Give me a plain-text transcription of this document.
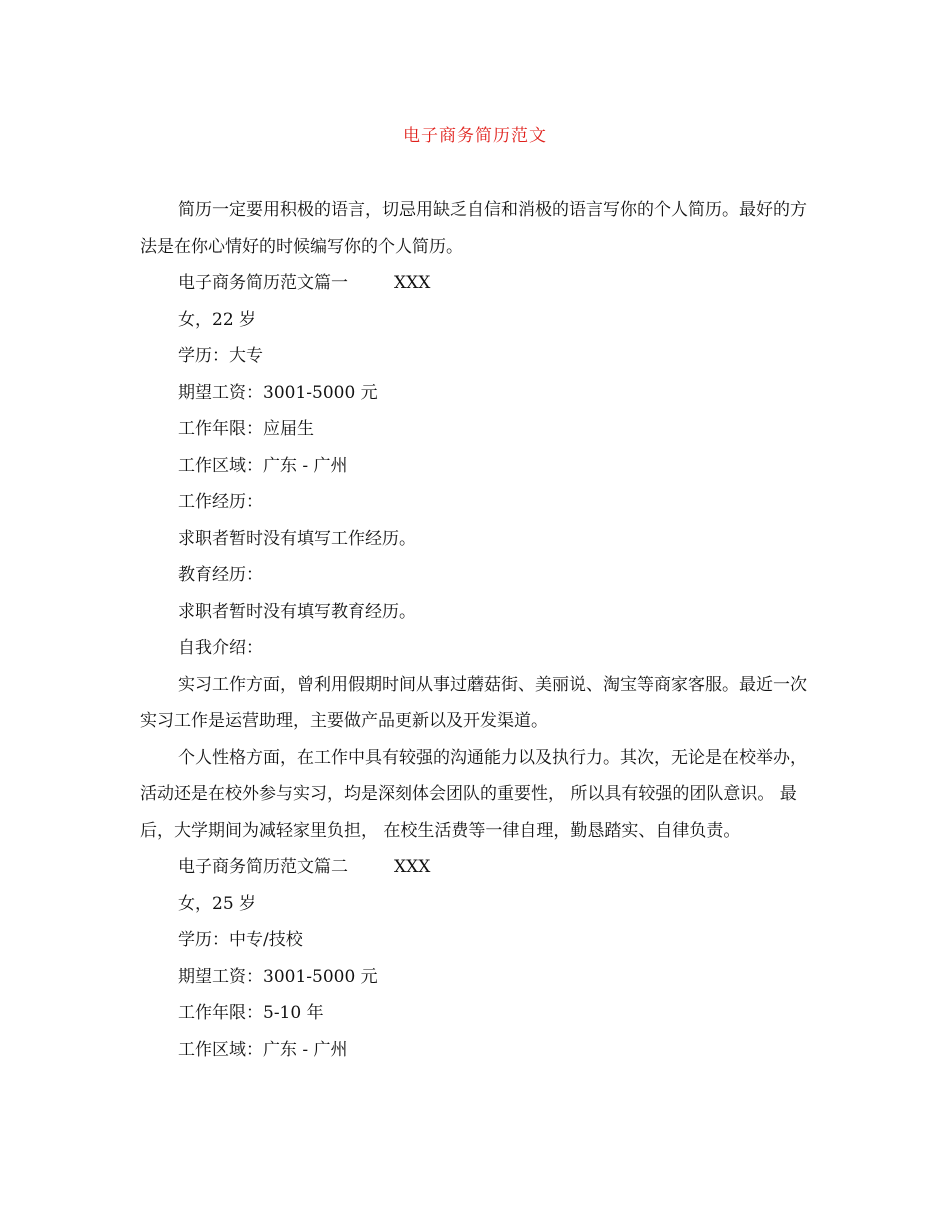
电子商务简历范文

简历一定要用积极的语言，切忌用缺乏自信和消极的语言写你的个人简历。最好的方法是在你心情好的时候编写你的个人简历。

电子商务简历范文篇一	XXX
女，22 岁
学历：大专
期望工资：3001-5000 元
工作年限：应届生
工作区域：广东 - 广州
工作经历：
求职者暂时没有填写工作经历。
教育经历：
求职者暂时没有填写教育经历。
自我介绍：

实习工作方面，曾利用假期时间从事过蘑菇街、美丽说、淘宝等商家客服。最近一次实习工作是运营助理，主要做产品更新以及开发渠道。

个人性格方面，在工作中具有较强的沟通能力以及执行力。其次，无论是在校举办，活动还是在校外参与实习，均是深刻体会团队的重要性， 所以具有较强的团队意识。 最后，大学期间为减轻家里负担， 在校生活费等一律自理，勤恳踏实、自律负责。

电子商务简历范文篇二	XXX
女，25 岁
学历：中专/技校
期望工资：3001-5000 元
工作年限：5-10 年
工作区域：广东 - 广州
